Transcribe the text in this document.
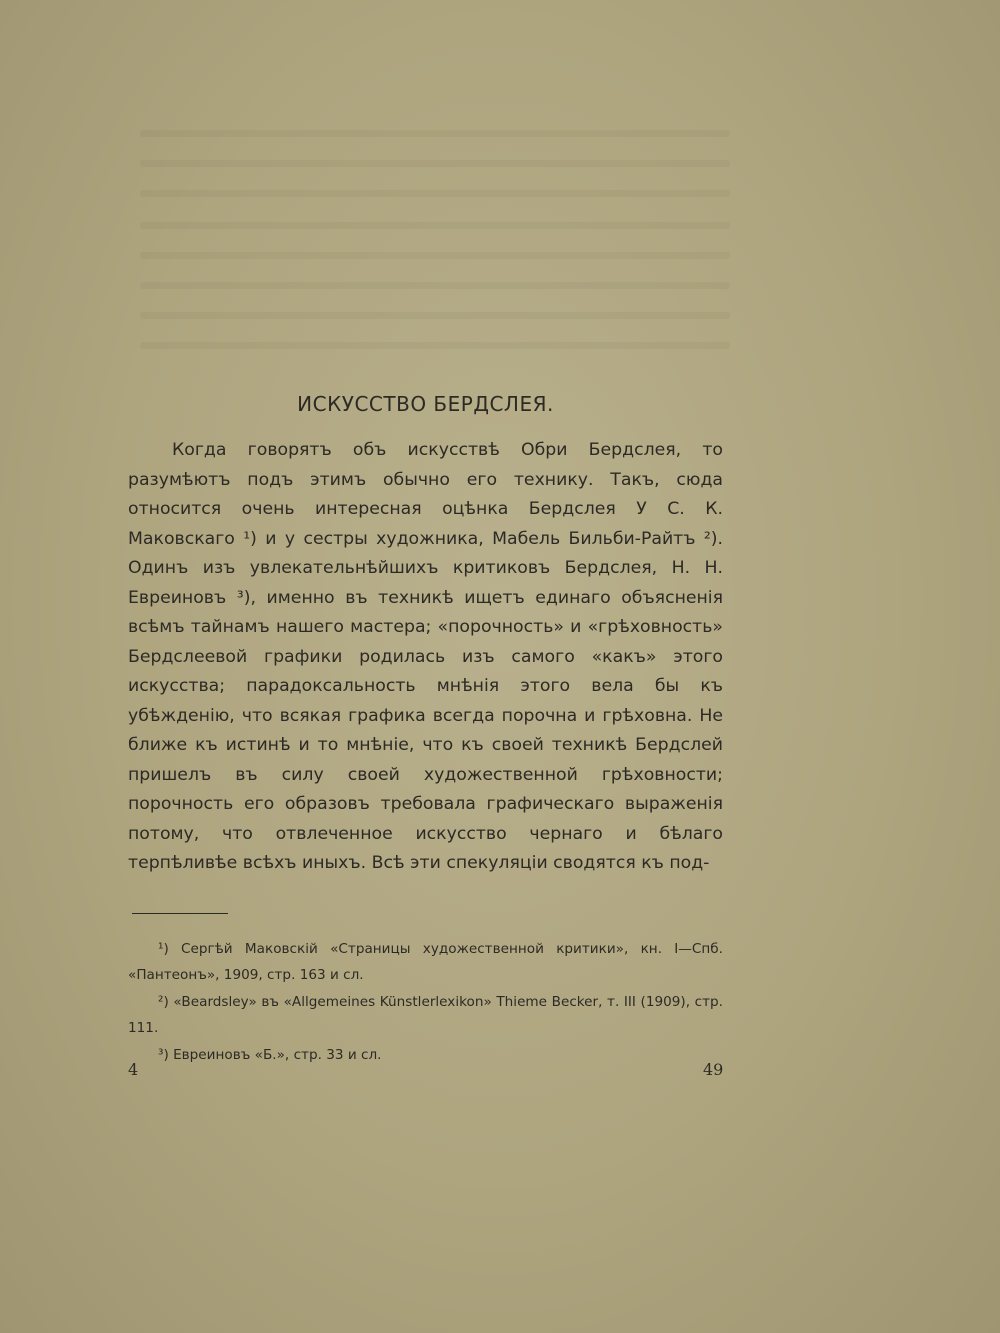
ИСКУССТВО БЕРДСЛЕЯ.

Когда говорятъ объ искусствѣ Обри Бердслея, то разумѣютъ подъ этимъ обычно его технику. Такъ, сюда относится очень интересная оцѣнка Бердслея У С. К. Маковскаго ¹) и у сестры художника, Мабель Бильби-Райтъ ²). Одинъ изъ увлекательнѣйшихъ критиковъ Бердслея, Н. Н. Евреиновъ ³), именно въ техникѣ ищетъ единаго объясненія всѣмъ тайнамъ нашего мастера; «порочность» и «грѣховность» Бердслеевой графики родилась изъ самого «какъ» этого искусства; парадоксальность мнѣнія этого вела бы къ убѣжденію, что всякая графика всегда порочна и грѣховна. Не ближе къ истинѣ и то мнѣніе, что къ своей техникѣ Бердслей пришелъ въ силу своей художественной грѣховности; порочность его образовъ требовала графическаго выраженія потому, что отвлеченное искусство чернаго и бѣлаго терпѣливѣе всѣхъ иныхъ. Всѣ эти спекуляціи сводятся къ под-

¹) Сергѣй Маковскій «Страницы художественной критики», кн. I—Спб. «Пантеонъ», 1909, стр. 163 и сл.

²) «Beardsley» въ «Allgemeines Künstlerlexikon» Thieme Becker, т. III (1909), стр. 111.

³) Евреиновъ «Б.», стр. 33 и сл.

4	49
